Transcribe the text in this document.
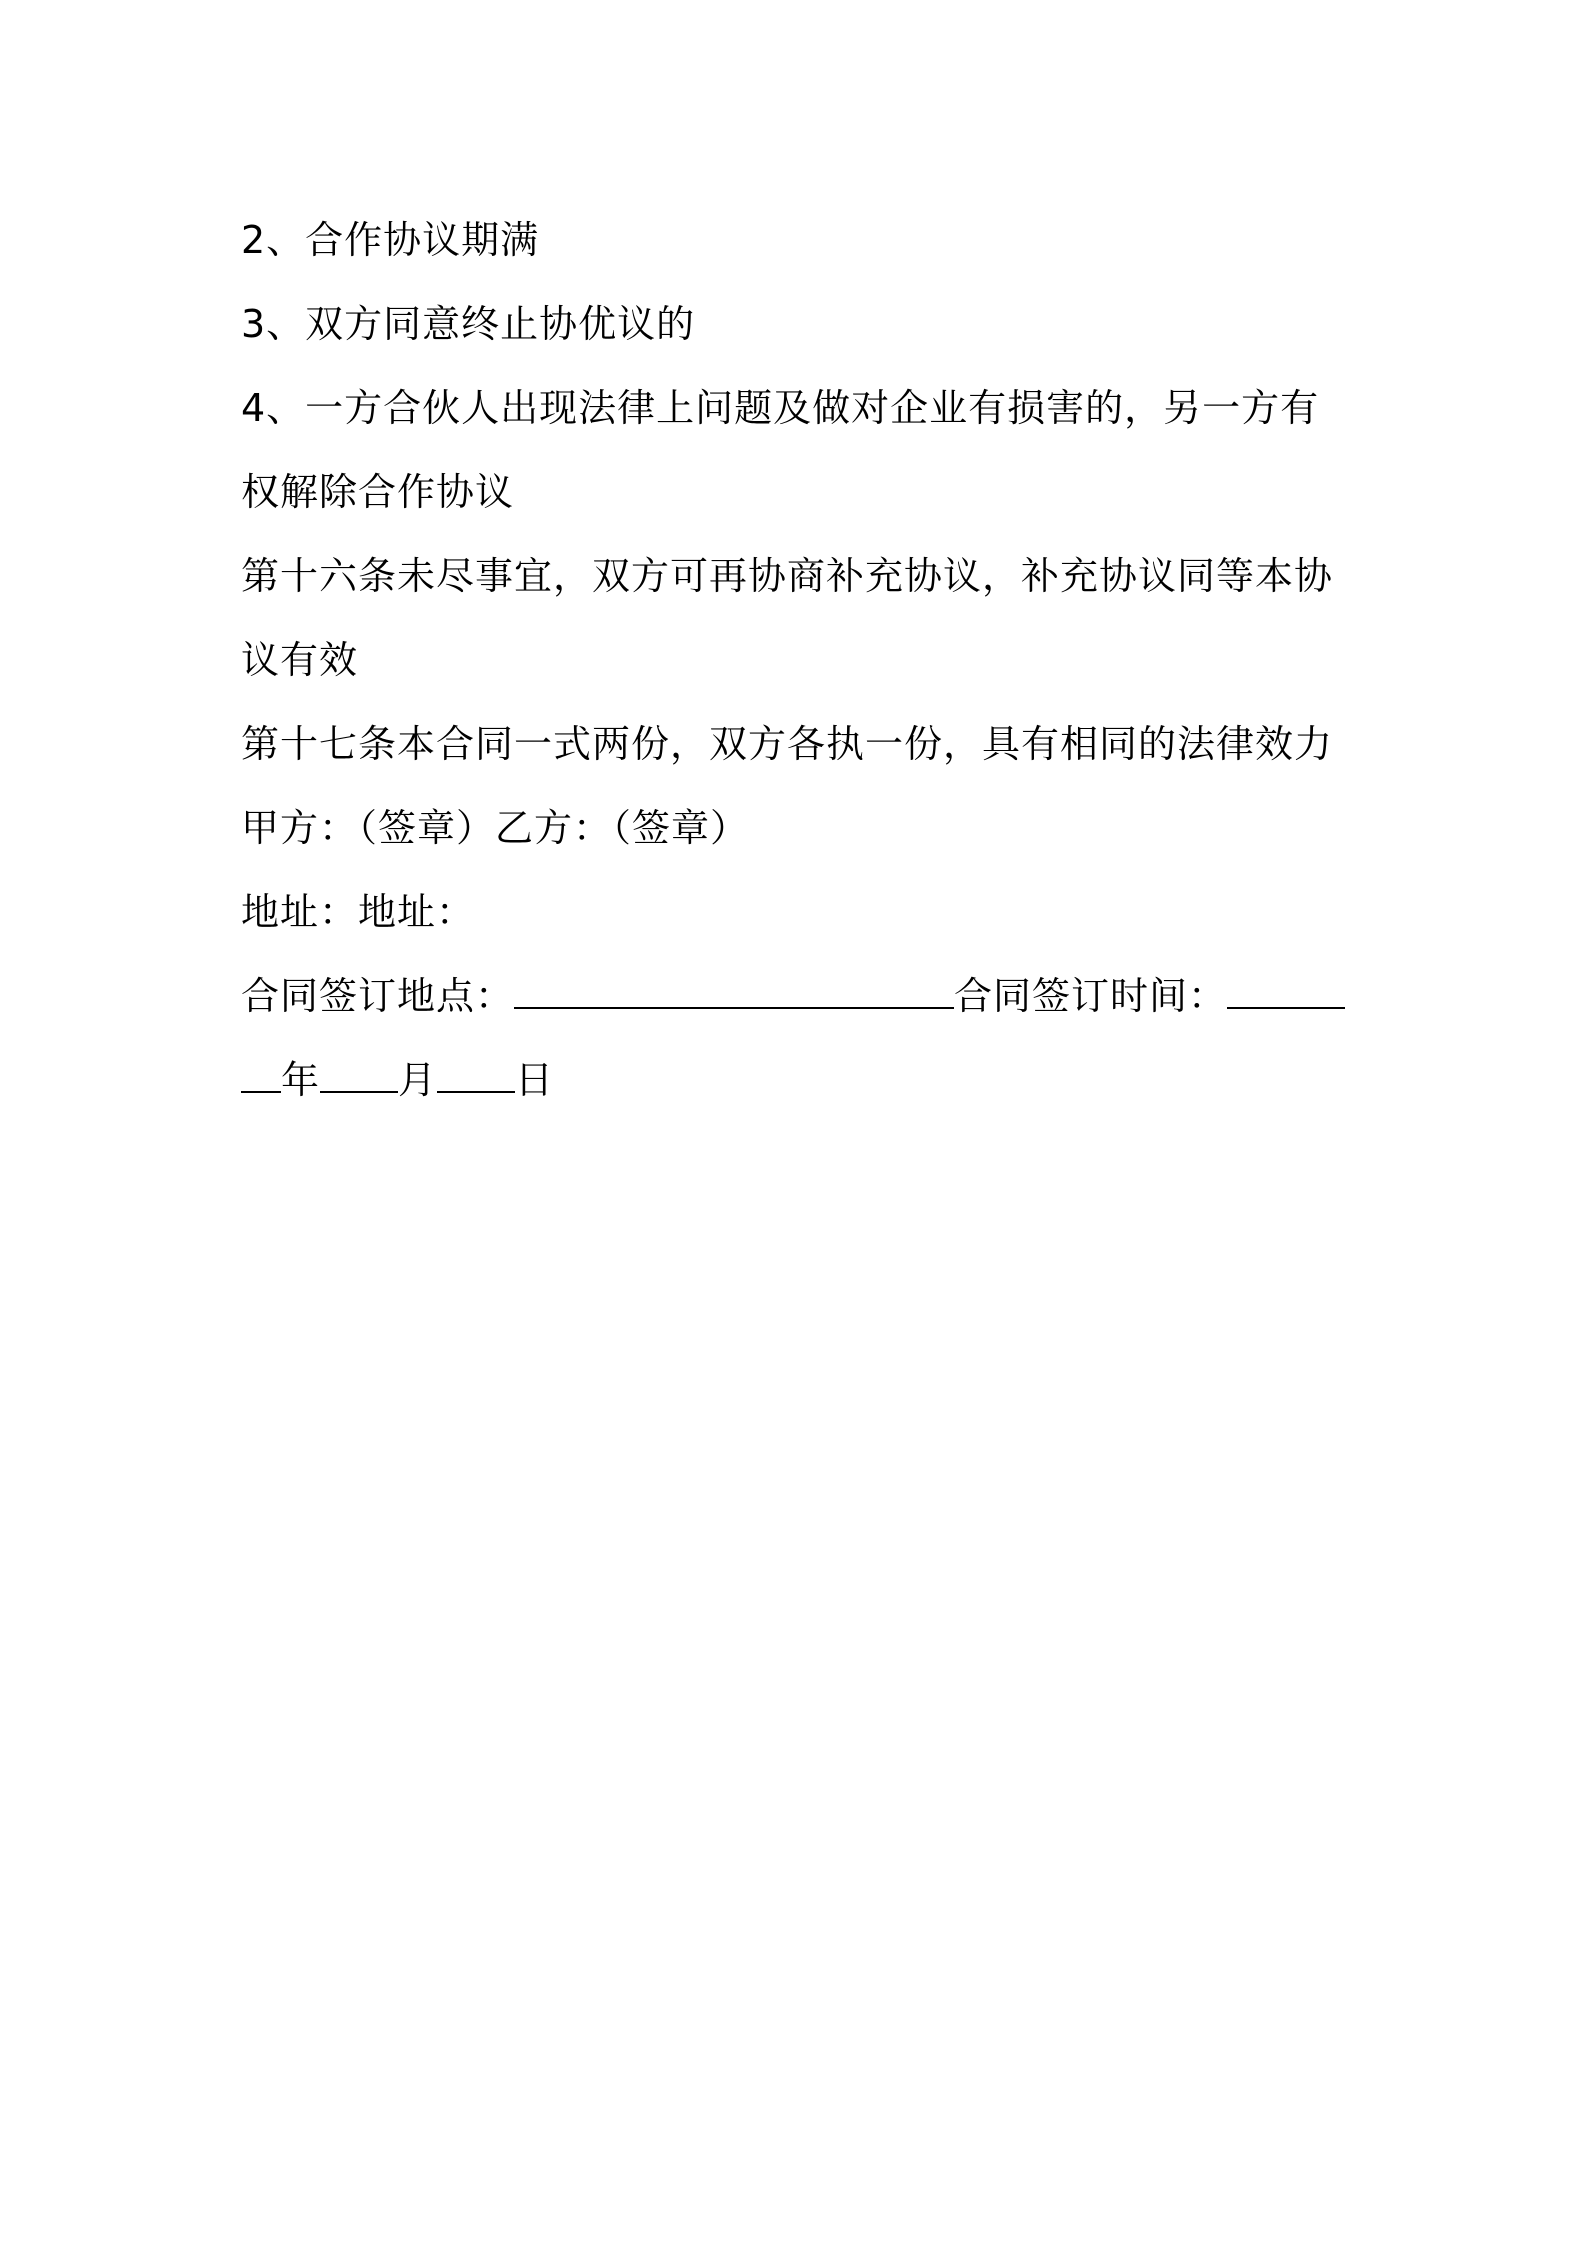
2、合作协议期满
3、双方同意终止协优议的
4、一方合伙人出现法律上问题及做对企业有损害的，另一方有
权解除合作协议
第十六条未尽事宜，双方可再协商补充协议，补充协议同等本协
议有效
第十七条本合同一式两份，双方各执一份，具有相同的法律效力
甲方：（签章）乙方：（签章）
地址：地址：
合同签订地点：	合同签订时间：
年 月 日
